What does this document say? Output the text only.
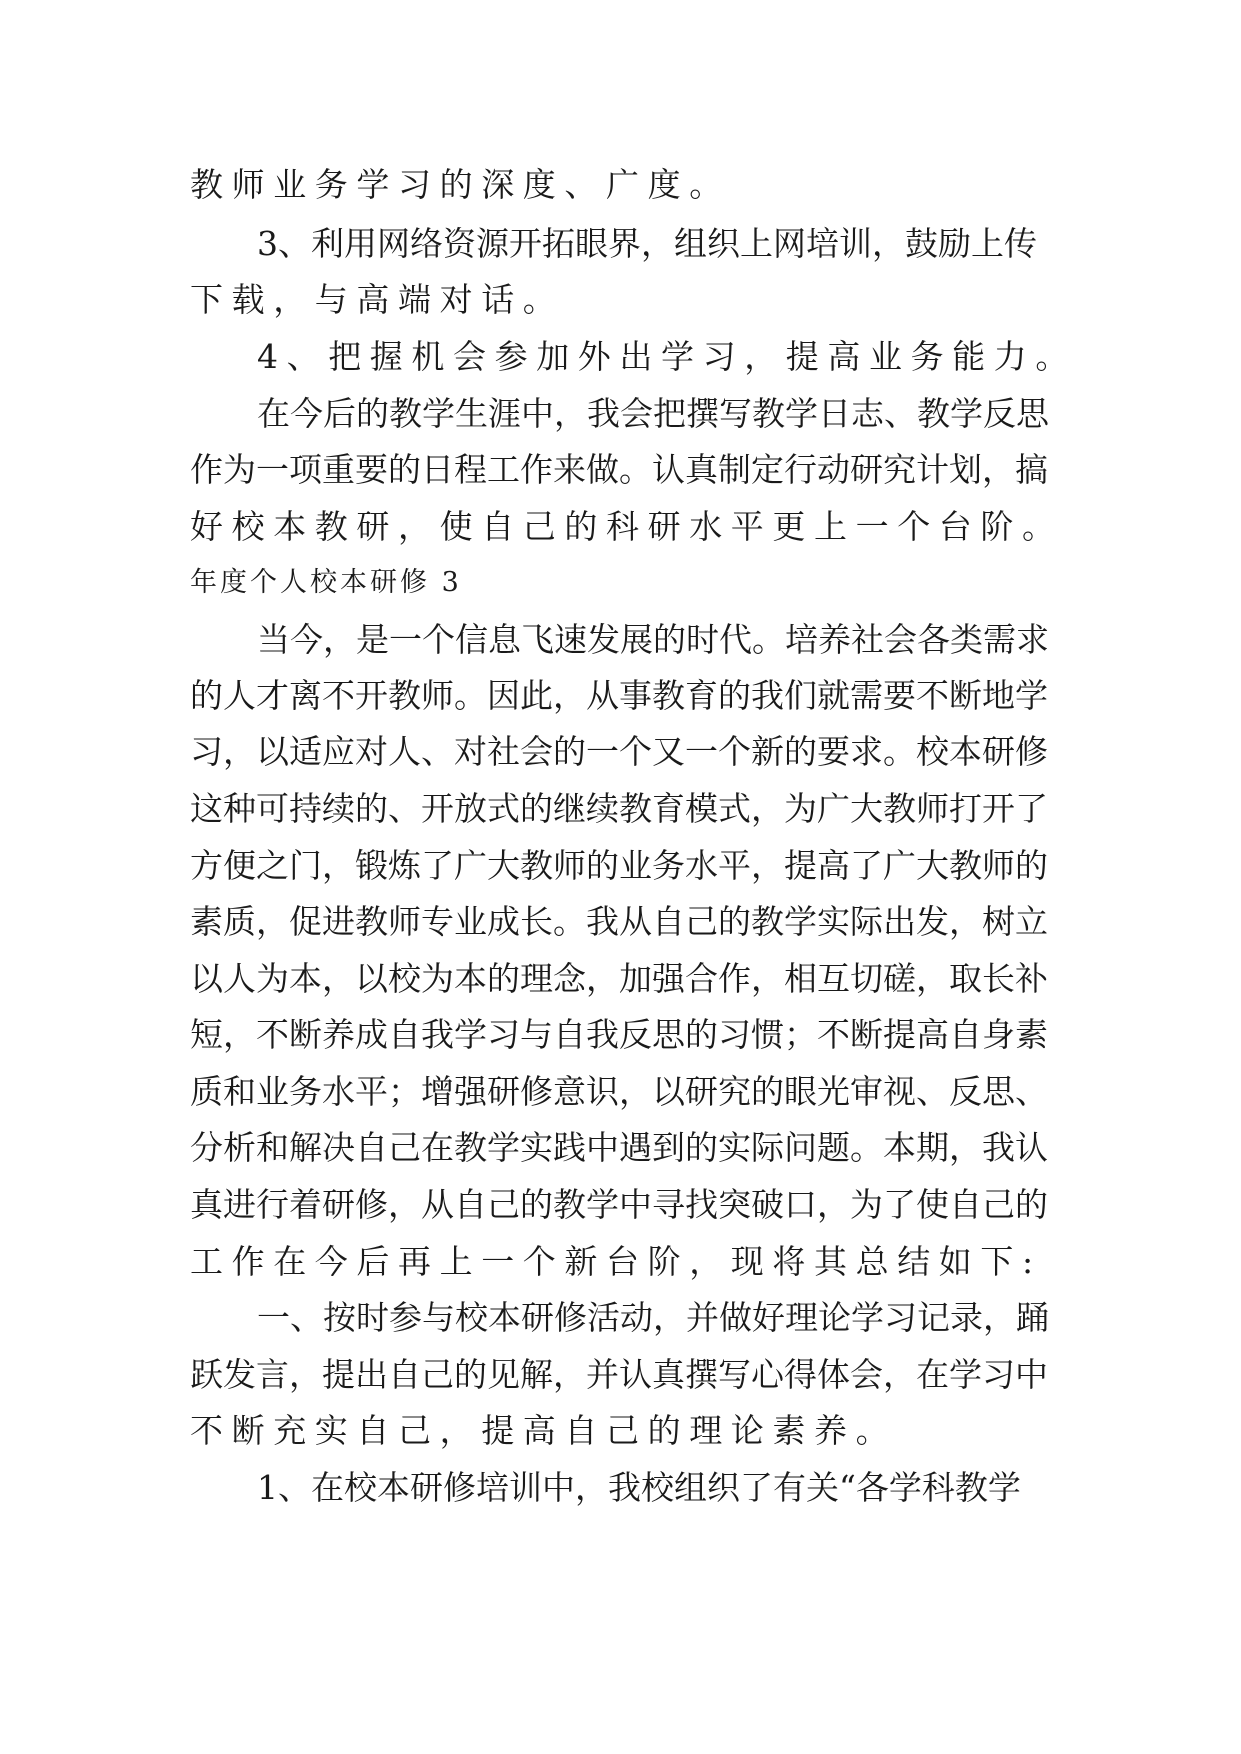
教师业务学习的深度、广度。
3、利用网络资源开拓眼界，组织上网培训，鼓励上传
下载，与高端对话。
4、把握机会参加外出学习，提高业务能力。
在今后的教学生涯中，我会把撰写教学日志、教学反思
作为一项重要的日程工作来做。认真制定行动研究计划，搞
好校本教研，使自己的科研水平更上一个台阶。
年度个人校本研修 3
当今，是一个信息飞速发展的时代。培养社会各类需求
的人才离不开教师。因此，从事教育的我们就需要不断地学
习，以适应对人、对社会的一个又一个新的要求。校本研修
这种可持续的、开放式的继续教育模式，为广大教师打开了
方便之门，锻炼了广大教师的业务水平，提高了广大教师的
素质，促进教师专业成长。我从自己的教学实际出发，树立
以人为本，以校为本的理念，加强合作，相互切磋，取长补
短，不断养成自我学习与自我反思的习惯；不断提高自身素
质和业务水平；增强研修意识，以研究的眼光审视、反思、
分析和解决自己在教学实践中遇到的实际问题。本期，我认
真进行着研修，从自己的教学中寻找突破口，为了使自己的
工作在今后再上一个新台阶，现将其总结如下:
一、按时参与校本研修活动，并做好理论学习记录，踊
跃发言，提出自己的见解，并认真撰写心得体会，在学习中
不断充实自己，提高自己的理论素养。
1、在校本研修培训中，我校组织了有关“各学科教学
